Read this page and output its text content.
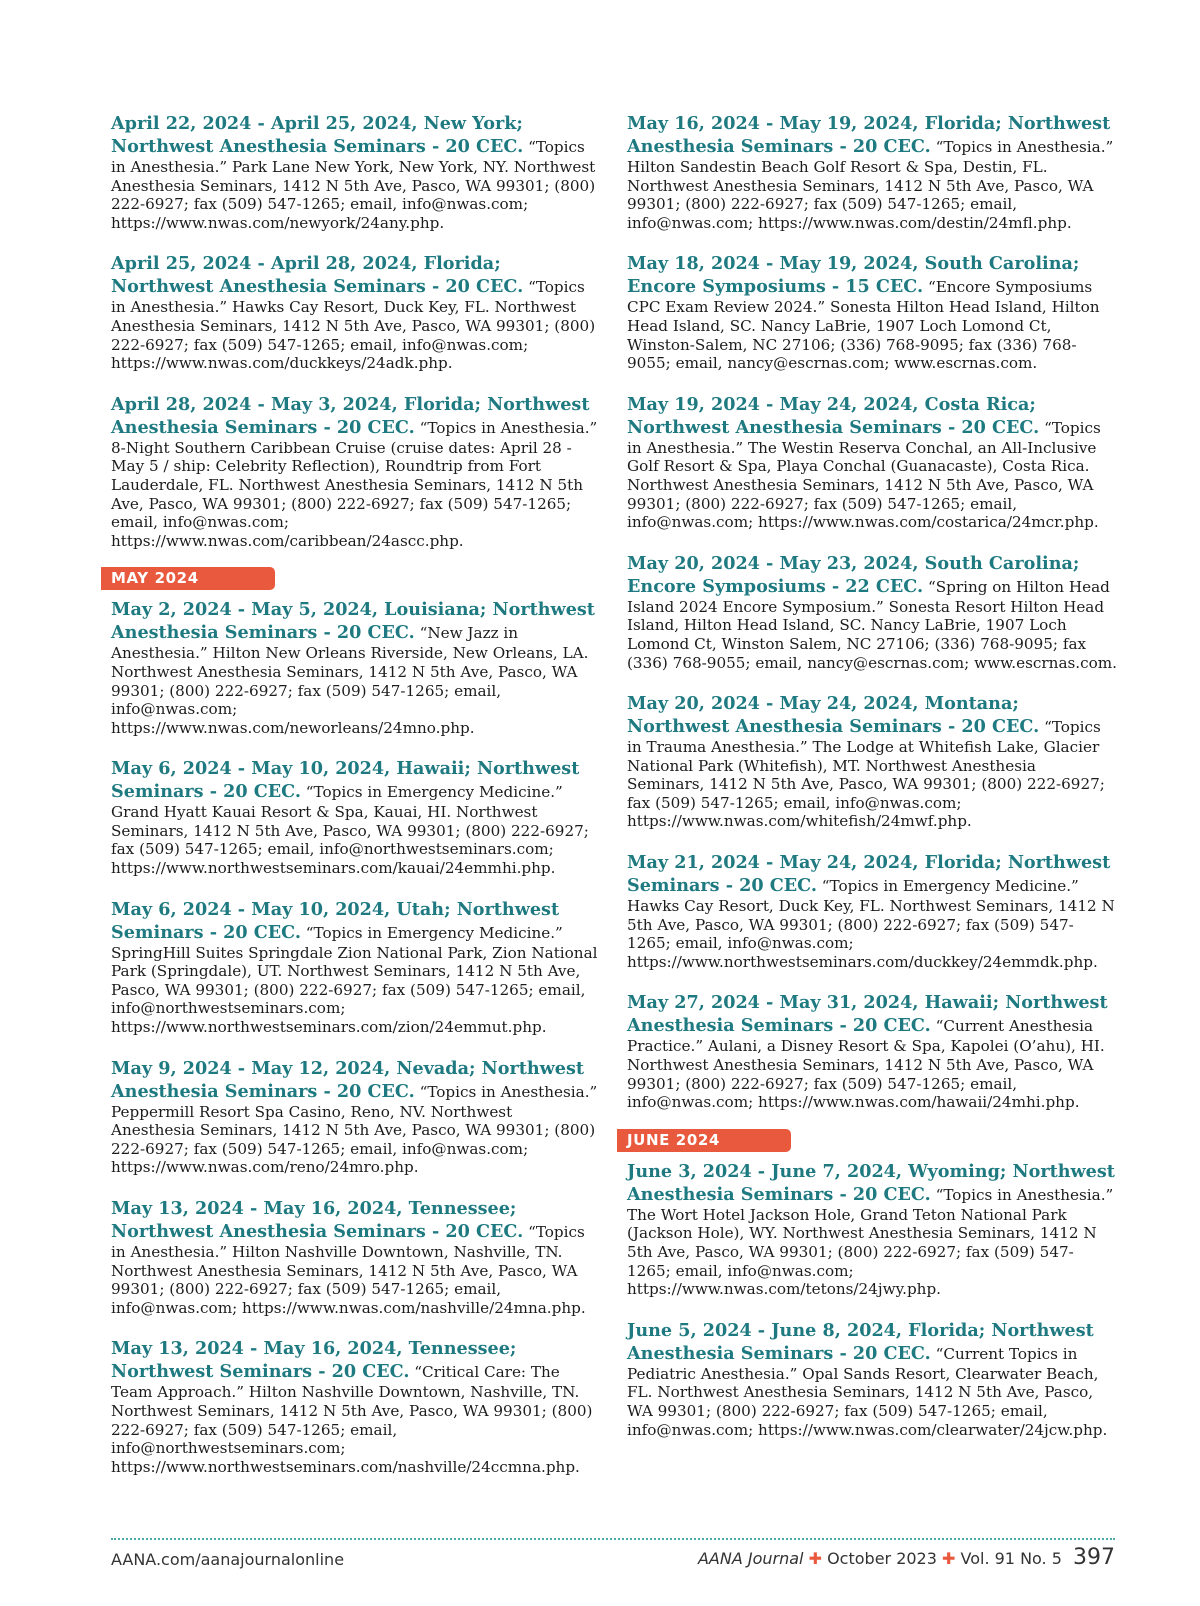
April 22, 2024 - April 25, 2024, New York; Northwest Anesthesia Seminars - 20 CEC. “Topics in Anesthesia.” Park Lane New York, New York, NY. Northwest Anesthesia Seminars, 1412 N 5th Ave, Pasco, WA 99301; (800) 222-6927; fax (509) 547-1265; email, info@nwas.com; https://www.nwas.com/newyork/24any.php.
April 25, 2024 - April 28, 2024, Florida; Northwest Anesthesia Seminars - 20 CEC. “Topics in Anesthesia.” Hawks Cay Resort, Duck Key, FL. Northwest Anesthesia Seminars, 1412 N 5th Ave, Pasco, WA 99301; (800) 222-6927; fax (509) 547-1265; email, info@nwas.com; https://www.nwas.com/duckkeys/24adk.php.
April 28, 2024 - May 3, 2024, Florida; Northwest Anesthesia Seminars - 20 CEC. “Topics in Anesthesia.” 8-Night Southern Caribbean Cruise (cruise dates: April 28 - May 5 / ship: Celebrity Reflection), Roundtrip from Fort Lauderdale, FL. Northwest Anesthesia Seminars, 1412 N 5th Ave, Pasco, WA 99301; (800) 222-6927; fax (509) 547-1265; email, info@nwas.com; https://www.nwas.com/caribbean/24ascc.php.
MAY 2024
May 2, 2024 - May 5, 2024, Louisiana; Northwest Anesthesia Seminars - 20 CEC. “New Jazz in Anesthesia.” Hilton New Orleans Riverside, New Orleans, LA. Northwest Anesthesia Seminars, 1412 N 5th Ave, Pasco, WA 99301; (800) 222-6927; fax (509) 547-1265; email, info@nwas.com; https://www.nwas.com/neworleans/24mno.php.
May 6, 2024 - May 10, 2024, Hawaii; Northwest Seminars - 20 CEC. “Topics in Emergency Medicine.” Grand Hyatt Kauai Resort & Spa, Kauai, HI. Northwest Seminars, 1412 N 5th Ave, Pasco, WA 99301; (800) 222-6927; fax (509) 547-1265; email, info@northwestseminars.com; https://www.northwestseminars.com/kauai/24emmhi.php.
May 6, 2024 - May 10, 2024, Utah; Northwest Seminars - 20 CEC. “Topics in Emergency Medicine.” SpringHill Suites Springdale Zion National Park, Zion National Park (Springdale), UT. Northwest Seminars, 1412 N 5th Ave, Pasco, WA 99301; (800) 222-6927; fax (509) 547-1265; email, info@northwestseminars.com; https://www.northwestseminars.com/zion/24emmut.php.
May 9, 2024 - May 12, 2024, Nevada; Northwest Anesthesia Seminars - 20 CEC. “Topics in Anesthesia.” Peppermill Resort Spa Casino, Reno, NV. Northwest Anesthesia Seminars, 1412 N 5th Ave, Pasco, WA 99301; (800) 222-6927; fax (509) 547-1265; email, info@nwas.com; https://www.nwas.com/reno/24mro.php.
May 13, 2024 - May 16, 2024, Tennessee; Northwest Anesthesia Seminars - 20 CEC. “Topics in Anesthesia.” Hilton Nashville Downtown, Nashville, TN. Northwest Anesthesia Seminars, 1412 N 5th Ave, Pasco, WA 99301; (800) 222-6927; fax (509) 547-1265; email, info@nwas.com; https://www.nwas.com/nashville/24mna.php.
May 13, 2024 - May 16, 2024, Tennessee; Northwest Seminars - 20 CEC. “Critical Care: The Team Approach.” Hilton Nashville Downtown, Nashville, TN. Northwest Seminars, 1412 N 5th Ave, Pasco, WA 99301; (800) 222-6927; fax (509) 547-1265; email, info@northwestseminars.com; https://www.northwestseminars.com/nashville/24ccmna.php.
May 16, 2024 - May 19, 2024, Florida; Northwest Anesthesia Seminars - 20 CEC. “Topics in Anesthesia.” Hilton Sandestin Beach Golf Resort & Spa, Destin, FL. Northwest Anesthesia Seminars, 1412 N 5th Ave, Pasco, WA 99301; (800) 222-6927; fax (509) 547-1265; email, info@nwas.com; https://www.nwas.com/destin/24mfl.php.
May 18, 2024 - May 19, 2024, South Carolina; Encore Symposiums - 15 CEC. “Encore Symposiums CPC Exam Review 2024.” Sonesta Hilton Head Island, Hilton Head Island, SC. Nancy LaBrie, 1907 Loch Lomond Ct, Winston-Salem, NC 27106; (336) 768-9095; fax (336) 768-9055; email, nancy@escrnas.com; www.escrnas.com.
May 19, 2024 - May 24, 2024, Costa Rica; Northwest Anesthesia Seminars - 20 CEC. “Topics in Anesthesia.” The Westin Reserva Conchal, an All-Inclusive Golf Resort & Spa, Playa Conchal (Guanacaste), Costa Rica. Northwest Anesthesia Seminars, 1412 N 5th Ave, Pasco, WA 99301; (800) 222-6927; fax (509) 547-1265; email, info@nwas.com; https://www.nwas.com/costarica/24mcr.php.
May 20, 2024 - May 23, 2024, South Carolina; Encore Symposiums - 22 CEC. “Spring on Hilton Head Island 2024 Encore Symposium.” Sonesta Resort Hilton Head Island, Hilton Head Island, SC. Nancy LaBrie, 1907 Loch Lomond Ct, Winston Salem, NC 27106; (336) 768-9095; fax (336) 768-9055; email, nancy@escrnas.com; www.escrnas.com.
May 20, 2024 - May 24, 2024, Montana; Northwest Anesthesia Seminars - 20 CEC. “Topics in Trauma Anesthesia.” The Lodge at Whitefish Lake, Glacier National Park (Whitefish), MT. Northwest Anesthesia Seminars, 1412 N 5th Ave, Pasco, WA 99301; (800) 222-6927; fax (509) 547-1265; email, info@nwas.com; https://www.nwas.com/whitefish/24mwf.php.
May 21, 2024 - May 24, 2024, Florida; Northwest Seminars - 20 CEC. “Topics in Emergency Medicine.” Hawks Cay Resort, Duck Key, FL. Northwest Seminars, 1412 N 5th Ave, Pasco, WA 99301; (800) 222-6927; fax (509) 547-1265; email, info@nwas.com; https://www.northwestseminars.com/duckkey/24emmdk.php.
May 27, 2024 - May 31, 2024, Hawaii; Northwest Anesthesia Seminars - 20 CEC. “Current Anesthesia Practice.” Aulani, a Disney Resort & Spa, Kapolei (O’ahu), HI. Northwest Anesthesia Seminars, 1412 N 5th Ave, Pasco, WA 99301; (800) 222-6927; fax (509) 547-1265; email, info@nwas.com; https://www.nwas.com/hawaii/24mhi.php.
JUNE 2024
June 3, 2024 - June 7, 2024, Wyoming; Northwest Anesthesia Seminars - 20 CEC. “Topics in Anesthesia.” The Wort Hotel Jackson Hole, Grand Teton National Park (Jackson Hole), WY. Northwest Anesthesia Seminars, 1412 N 5th Ave, Pasco, WA 99301; (800) 222-6927; fax (509) 547-1265; email, info@nwas.com; https://www.nwas.com/tetons/24jwy.php.
June 5, 2024 - June 8, 2024, Florida; Northwest Anesthesia Seminars - 20 CEC. “Current Topics in Pediatric Anesthesia.” Opal Sands Resort, Clearwater Beach, FL. Northwest Anesthesia Seminars, 1412 N 5th Ave, Pasco, WA 99301; (800) 222-6927; fax (509) 547-1265; email, info@nwas.com; https://www.nwas.com/clearwater/24jcw.php.
AANA.com/aanajournalonline	AANA Journal ✚ October 2023 ✚ Vol. 91 No. 5 397
